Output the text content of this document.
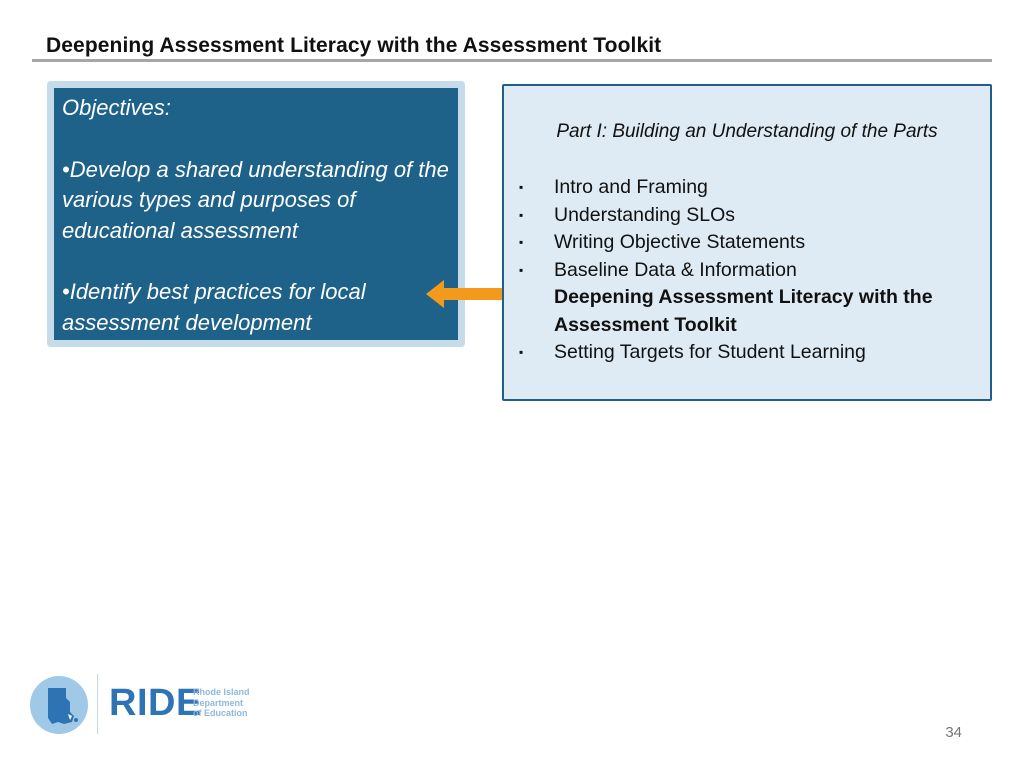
Deepening Assessment Literacy with the Assessment Toolkit

Objectives:

•Develop a shared understanding of the various types and purposes of educational assessment

•Identify best practices for local assessment development

Part I: Building an Understanding of the Parts
▪ Intro and Framing
▪ Understanding SLOs
▪ Writing Objective Statements
▪ Baseline Data & Information
Deepening Assessment Literacy with the Assessment Toolkit
▪ Setting Targets for Student Learning
RIDE
Rhode Island
Department
of Education
34
